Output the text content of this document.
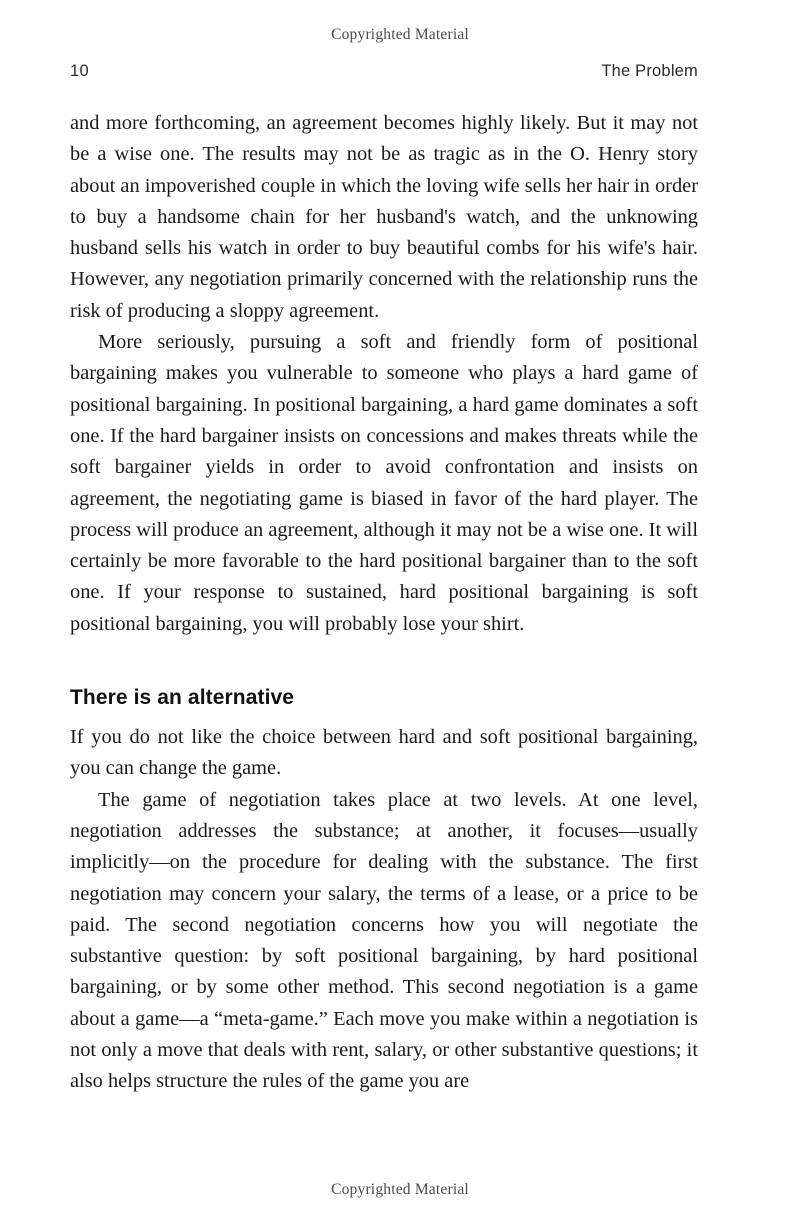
Copyrighted Material
10	The Problem

and more forthcoming, an agreement becomes highly likely. But it may not be a wise one. The results may not be as tragic as in the O. Henry story about an impoverished couple in which the loving wife sells her hair in order to buy a handsome chain for her husband's watch, and the unknowing husband sells his watch in order to buy beautiful combs for his wife's hair. However, any negotiation primarily concerned with the relationship runs the risk of producing a sloppy agreement.

More seriously, pursuing a soft and friendly form of positional bargaining makes you vulnerable to someone who plays a hard game of positional bargaining. In positional bargaining, a hard game dominates a soft one. If the hard bargainer insists on concessions and makes threats while the soft bargainer yields in order to avoid confrontation and insists on agreement, the negotiating game is biased in favor of the hard player. The process will produce an agreement, although it may not be a wise one. It will certainly be more favorable to the hard positional bargainer than to the soft one. If your response to sustained, hard positional bargaining is soft positional bargaining, you will probably lose your shirt.

There is an alternative

If you do not like the choice between hard and soft positional bargaining, you can change the game.

The game of negotiation takes place at two levels. At one level, negotiation addresses the substance; at another, it focuses—usually implicitly—on the procedure for dealing with the substance. The first negotiation may concern your salary, the terms of a lease, or a price to be paid. The second negotiation concerns how you will negotiate the substantive question: by soft positional bargaining, by hard positional bargaining, or by some other method. This second negotiation is a game about a game—a “meta-game.” Each move you make within a negotiation is not only a move that deals with rent, salary, or other substantive questions; it also helps structure the rules of the game you are

Copyrighted Material
